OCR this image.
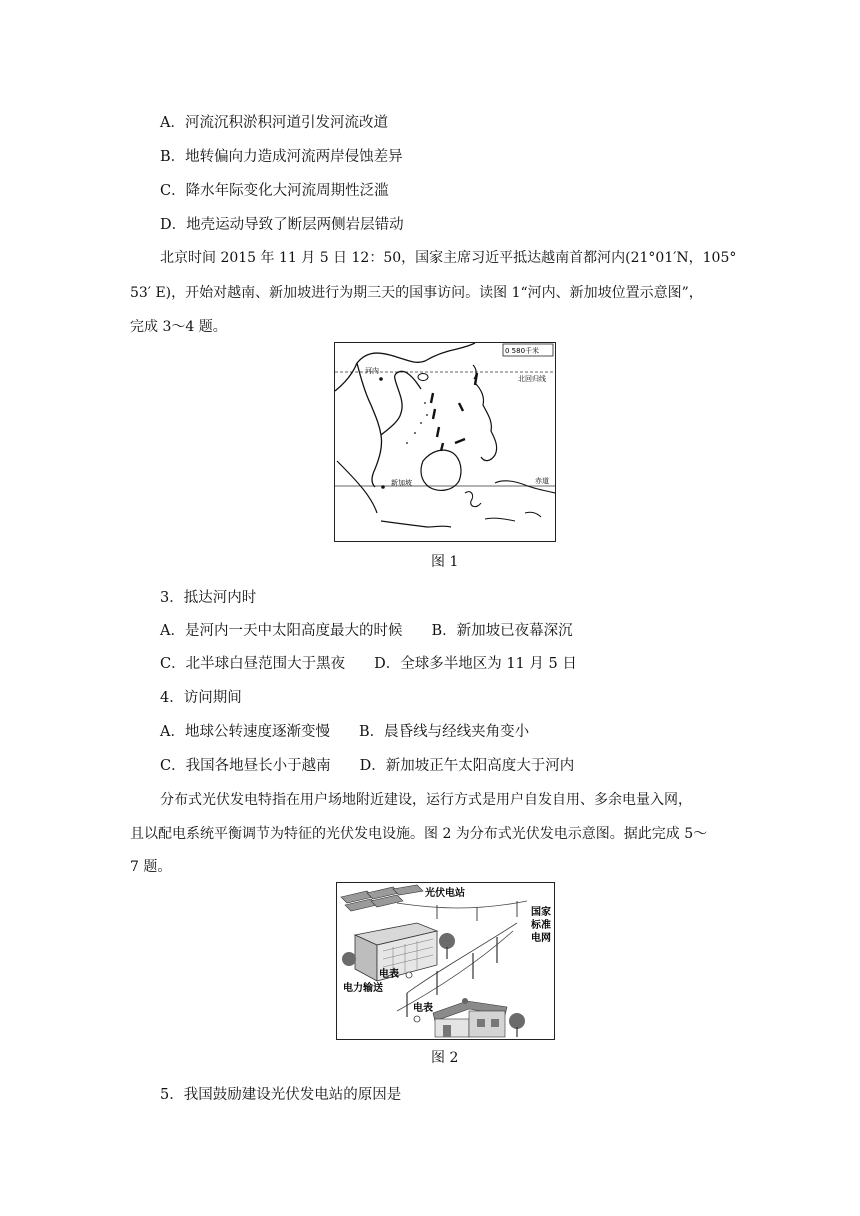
A．河流沉积淤积河道引发河流改道
B．地转偏向力造成河流两岸侵蚀差异
C．降水年际变化大河流周期性泛滥
D．地壳运动导致了断层两侧岩层错动
北京时间 2015 年 11 月 5 日 12：50，国家主席习近平抵达越南首都河内(21°01′N，105°
53′ E)，开始对越南、新加坡进行为期三天的国事访问。读图 1“河内、新加坡位置示意图”，
完成 3～4 题。
0 580千米
北回归线
赤道
河内
新加坡
图 1
3．抵达河内时
A．是河内一天中太阳高度最大的时候　　B．新加坡已夜幕深沉
C．北半球白昼范围大于黑夜　　D．全球多半地区为 11 月 5 日
4．访问期间
A．地球公转速度逐渐变慢　　B．晨昏线与经线夹角变小
C．我国各地昼长小于越南　　D．新加坡正午太阳高度大于河内
分布式光伏发电特指在用户场地附近建设，运行方式是用户自发自用、多余电量入网，
且以配电系统平衡调节为特征的光伏发电设施。图 2 为分布式光伏发电示意图。据此完成 5～
7 题。
光伏电站
国家
标准
电网
电表
电力输送
电表
图 2
5．我国鼓励建设光伏发电站的原因是
